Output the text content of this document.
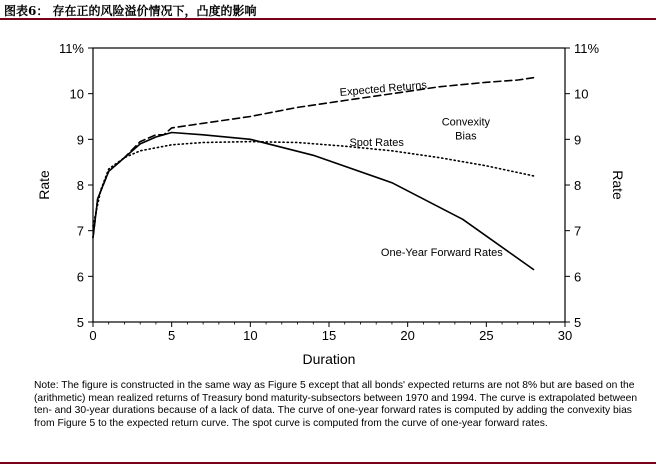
图表6： 存在正的风险溢价情况下，凸度的影响
0	5	10	15	20	25	30
5	5
6	6
7	7
8	8
9	9
10	10
11%	11%
Duration
Rate	Rate
Expected Returns
Spot Rates
One-Year Forward Rates
Convexity
Bias
Note: The figure is constructed in the same way as Figure 5 except that all bonds' expected returns are not 8% but are based on the (arithmetic) mean realized returns of Treasury bond maturity-subsectors between 1970 and 1994. The curve is extrapolated between ten- and 30-year durations because of a lack of data. The curve of one-year forward rates is computed by adding the convexity bias from Figure 5 to the expected return curve. The spot curve is computed from the curve of one-year forward rates.
